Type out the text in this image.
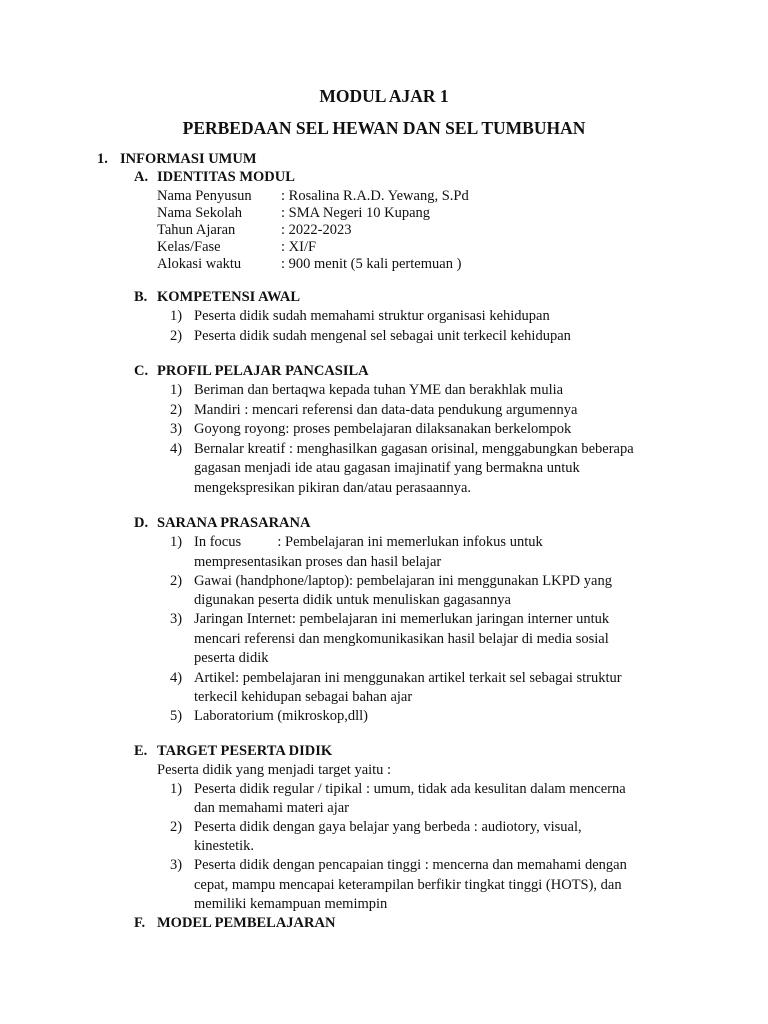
MODUL AJAR 1
PERBEDAAN SEL HEWAN DAN SEL TUMBUHAN
1. INFORMASI UMUM
A. IDENTITAS MODUL
Nama Penyusun : Rosalina R.A.D. Yewang, S.Pd
Nama Sekolah	: SMA Negeri 10 Kupang
Tahun Ajaran	: 2022-2023
Kelas/Fase	: XI/F
Alokasi waktu	: 900 menit (5 kali pertemuan )
B. KOMPETENSI AWAL
1) Peserta didik sudah memahami struktur organisasi kehidupan
2) Peserta didik sudah mengenal sel sebagai unit terkecil kehidupan
C. PROFIL PELAJAR PANCASILA
1) Beriman dan bertaqwa kepada tuhan YME dan berakhlak mulia
2) Mandiri : mencari referensi dan data-data pendukung argumennya
3) Goyong royong: proses pembelajaran dilaksanakan berkelompok
4) Bernalar kreatif : menghasilkan gagasan orisinal, menggabungkan beberapa
gagasan menjadi ide atau gagasan imajinatif yang bermakna untuk
mengekspresikan pikiran dan/atau perasaannya.
D. SARANA PRASARANA
1) In focus          : Pembelajaran ini memerlukan infokus untuk
mempresentasikan proses dan hasil belajar
2) Gawai (handphone/laptop): pembelajaran ini menggunakan LKPD yang
digunakan peserta didik untuk menuliskan gagasannya
3) Jaringan Internet: pembelajaran ini memerlukan jaringan interner untuk
mencari referensi dan mengkomunikasikan hasil belajar di media sosial
peserta didik
4) Artikel: pembelajaran ini menggunakan artikel terkait sel sebagai struktur
terkecil kehidupan sebagai bahan ajar
5) Laboratorium (mikroskop,dll)
E. TARGET PESERTA DIDIK
Peserta didik yang menjadi target yaitu :
1) Peserta didik regular / tipikal : umum, tidak ada kesulitan dalam mencerna
dan memahami materi ajar
2) Peserta didik dengan gaya belajar yang berbeda : audiotory, visual,
kinestetik.
3) Peserta didik dengan pencapaian tinggi : mencerna dan memahami dengan
cepat, mampu mencapai keterampilan berfikir tingkat tinggi (HOTS), dan
memiliki kemampuan memimpin
F. MODEL PEMBELAJARAN
